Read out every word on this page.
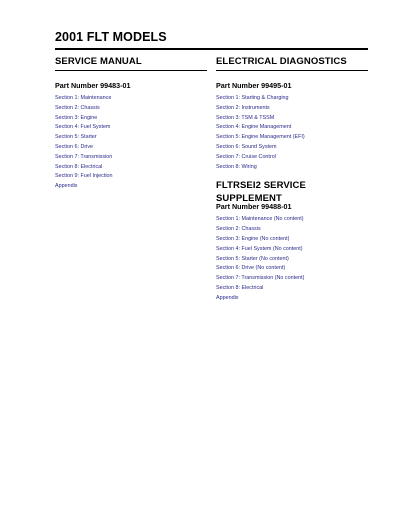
2001 FLT MODELS
SERVICE MANUAL
Part Number 99483-01
Section 1: Maintenance
Section 2: Chassis
Section 3: Engine
Section 4: Fuel System
Section 5: Starter
Section 6: Drive
Section 7: Transmission
Section 8: Electrical
Section 9: Fuel Injection
Appendix
ELECTRICAL DIAGNOSTICS
Part Number 99495-01
Section 1: Starting & Charging
Section 2: Instruments
Section 3: TSM & TSSM
Section 4: Engine Management
Section 5: Engine Management (EFI)
Section 6: Sound System
Section 7: Cruise Control
Section 8: Wiring
FLTRSEI2 SERVICE SUPPLEMENT
Part Number 99488-01
Section 1: Maintenance (No content)
Section 2: Chassis
Section 3: Engine (No content)
Section 4: Fuel System (No content)
Section 5: Starter (No content)
Section 6: Drive (No content)
Section 7: Transmission (No content)
Section 8: Electrical
Appendix
